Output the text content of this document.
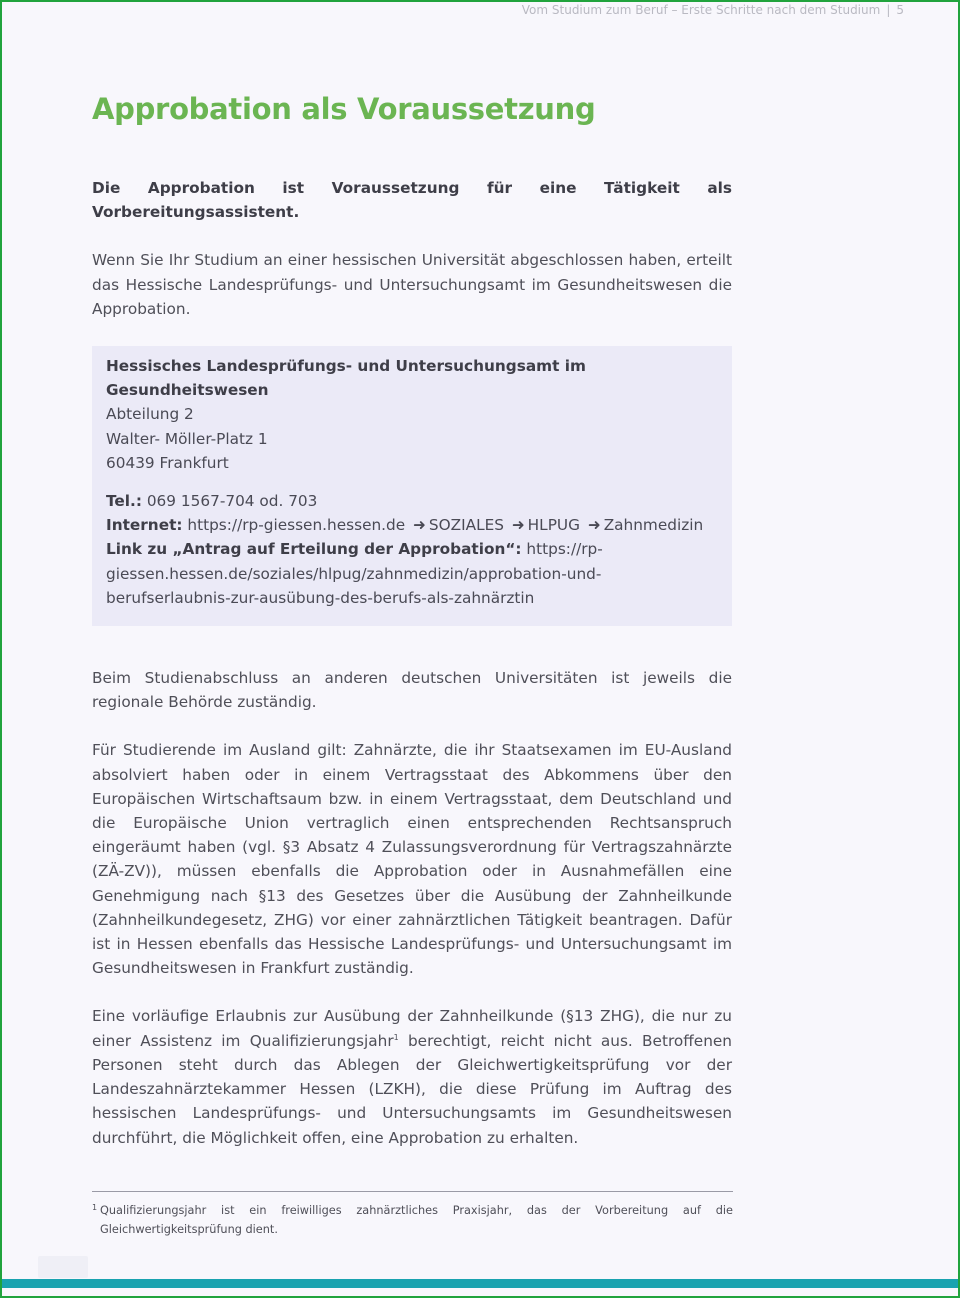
Vom Studium zum Beruf – Erste Schritte nach dem Studium | 5
Approbation als Voraussetzung

Die Approbation ist Voraussetzung für eine Tätigkeit als Vorbereitungsassistent.

Wenn Sie Ihr Studium an einer hessischen Universität abgeschlossen haben, erteilt das Hessische Landesprüfungs- und Untersuchungsamt im Gesundheitswesen die Approbation.

Hessisches Landesprüfungs- und Untersuchungsamt im Gesundheitswesen
Abteilung 2
Walter- Möller-Platz 1
60439 Frankfurt
Tel.: 069 1567-704 od. 703
Internet: https://rp-giessen.hessen.de ➜ SOZIALES ➜ HLPUG ➜ Zahnmedizin
Link zu „Antrag auf Erteilung der Approbation“: https://rp-giessen.hessen.de/soziales/hlpug/zahnmedizin/approbation-und-berufserlaubnis-zur-ausübung-des-berufs-als-zahnärztin

Beim Studienabschluss an anderen deutschen Universitäten ist jeweils die regionale Behörde zuständig.

Für Studierende im Ausland gilt: Zahnärzte, die ihr Staatsexamen im EU-Ausland absolviert haben oder in einem Vertragsstaat des Abkommens über den Europäischen Wirtschaftsaum bzw. in einem Vertragsstaat, dem Deutschland und die Europäische Union vertraglich einen entsprechenden Rechtsanspruch eingeräumt haben (vgl. §3 Absatz 4 Zulassungsverordnung für Vertragszahnärzte (ZÄ-ZV)), müssen ebenfalls die Approbation oder in Ausnahmefällen eine Genehmigung nach §13 des Gesetzes über die Ausübung der Zahnheilkunde (Zahnheilkundegesetz, ZHG) vor einer zahnärztlichen Tätigkeit beantragen. Dafür ist in Hessen ebenfalls das Hessische Landesprüfungs- und Untersuchungsamt im Gesundheitswesen in Frankfurt zuständig.

Eine vorläufige Erlaubnis zur Ausübung der Zahnheilkunde (§13 ZHG), die nur zu einer Assistenz im Qualifizierungsjahr$^1$ berechtigt, reicht nicht aus. Betroffenen Personen steht durch das Ablegen der Gleichwertigkeitsprüfung vor der Landeszahnärztekammer Hessen (LZKH), die diese Prüfung im Auftrag des hessischen Landesprüfungs- und Untersuchungsamts im Gesundheitswesen durchführt, die Möglichkeit offen, eine Approbation zu erhalten.

1 Qualifizierungsjahr ist ein freiwilliges zahnärztliches Praxisjahr, das der Vorbereitung auf die Gleichwertigkeitsprüfung dient.
